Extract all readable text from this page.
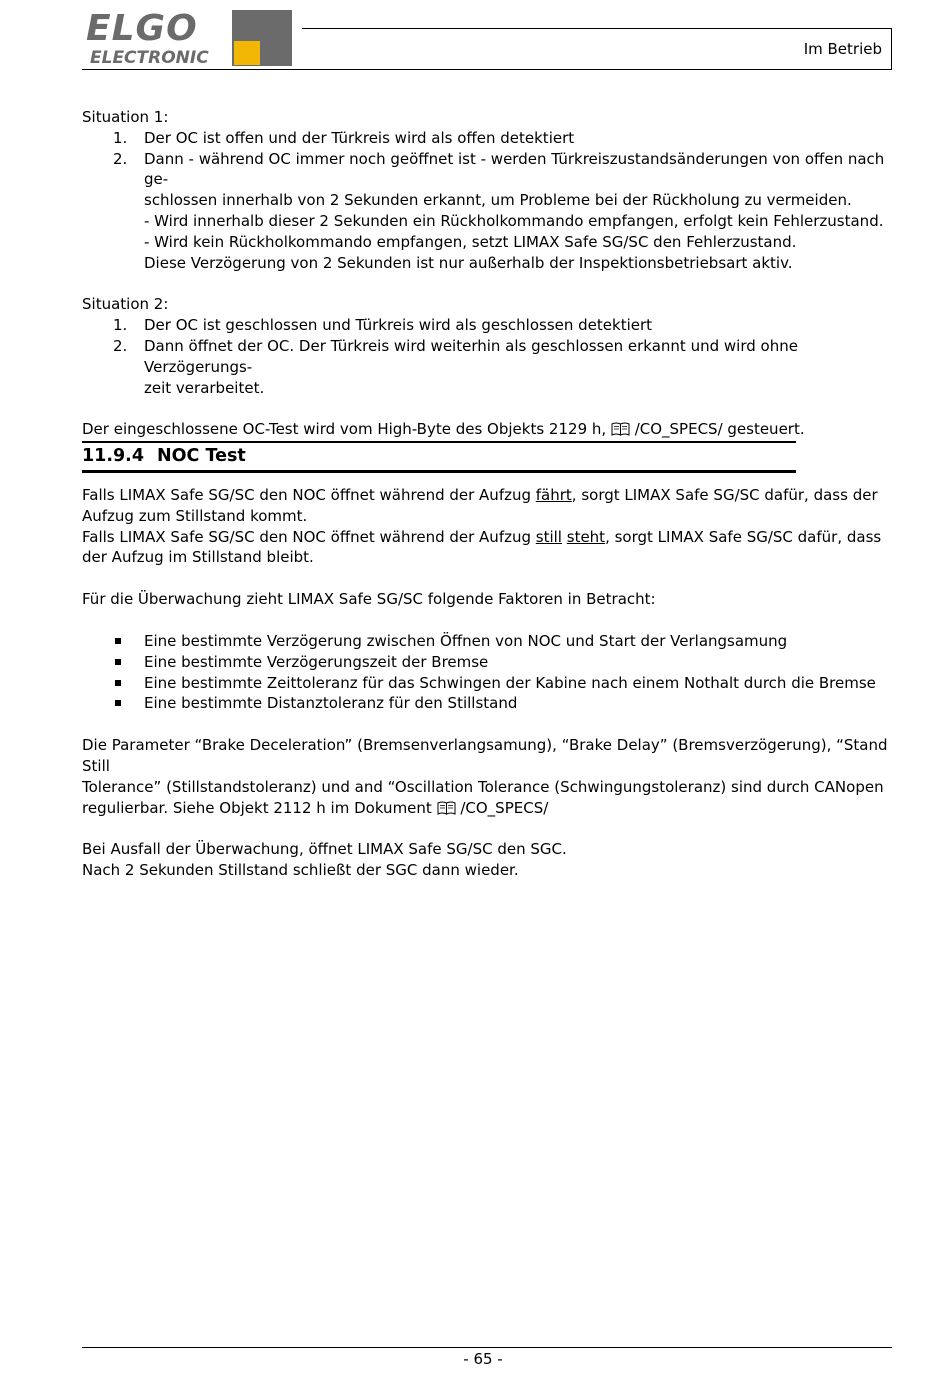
ELGO
ELECTRONIC	Im Betrieb

Situation 1:

1. Der OC ist offen und der Türkreis wird als offen detektiert
2. Dann - während OC immer noch geöffnet ist - werden Türkreiszustandsänderungen von offen nach ge-
schlossen innerhalb von 2 Sekunden erkannt, um Probleme bei der Rückholung zu vermeiden.
- Wird innerhalb dieser 2 Sekunden ein Rückholkommando empfangen, erfolgt kein Fehlerzustand.
- Wird kein Rückholkommando empfangen, setzt LIMAX Safe SG/SC den Fehlerzustand.
Diese Verzögerung von 2 Sekunden ist nur außerhalb der Inspektionsbetriebsart aktiv.

Situation 2:

1. Der OC ist geschlossen und Türkreis wird als geschlossen detektiert
2. Dann öffnet der OC. Der Türkreis wird weiterhin als geschlossen erkannt und wird ohne Verzögerungs-
zeit verarbeitet.

Der eingeschlossene OC-Test wird vom High-Byte des Objekts 2129 h,  /CO_SPECS/ gesteuert.

11.9.4 NOC Test

Falls LIMAX Safe SG/SC den NOC öffnet während der Aufzug fährt, sorgt LIMAX Safe SG/SC dafür, dass der
Aufzug zum Stillstand kommt.

Falls LIMAX Safe SG/SC den NOC öffnet während der Aufzug still steht, sorgt LIMAX Safe SG/SC dafür, dass
der Aufzug im Stillstand bleibt.

Für die Überwachung zieht LIMAX Safe SG/SC folgende Faktoren in Betracht:

Eine bestimmte Verzögerung zwischen Öffnen von NOC und Start der Verlangsamung
Eine bestimmte Verzögerungszeit der Bremse
Eine bestimmte Zeittoleranz für das Schwingen der Kabine nach einem Nothalt durch die Bremse
Eine bestimmte Distanztoleranz für den Stillstand

Die Parameter “Brake Deceleration” (Bremsenverlangsamung), “Brake Delay” (Bremsverzögerung), “Stand Still
Tolerance” (Stillstandstoleranz) und and “Oscillation Tolerance (Schwingungstoleranz) sind durch CANopen
regulierbar. Siehe Objekt 2112 h im Dokument  /CO_SPECS/

Bei Ausfall der Überwachung, öffnet LIMAX Safe SG/SC den SGC.
Nach 2 Sekunden Stillstand schließt der SGC dann wieder.

- 65 -
